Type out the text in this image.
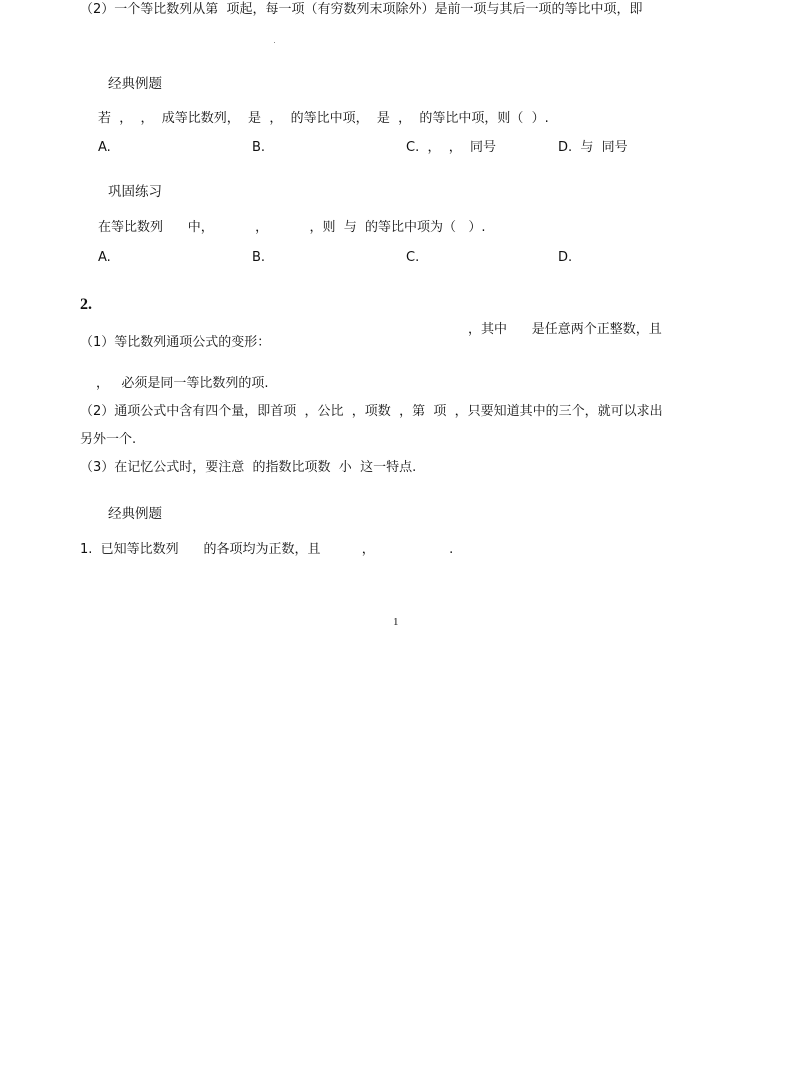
（2）一个等比数列从第  项起，每一项（有穷数列末项除外）是前一项与其后一项的等比中项，即
经典例题
若  ，  ，  成等比数列，  是  ，  的等比中项，  是  ，  的等比中项，则（  ）.
A.	B.	C.  ，  ，  同号	D.  与  同号
巩固练习
在等比数列      中，          ，          ，则  与  的等比中项为（   ）.
A.	B.	C.	D.
2.
，其中      是任意两个正整数，且
（1）等比数列通项公式的变形：
，   必须是同一等比数列的项.
（2）通项公式中含有四个量，即首项  ，公比  ，项数  ，第  项  ，只要知道其中的三个，就可以求出
另外一个.
（3）在记忆公式时，要注意  的指数比项数  小  这一特点.
经典例题
1.  已知等比数列      的各项均为正数，且          ，                  .
1
